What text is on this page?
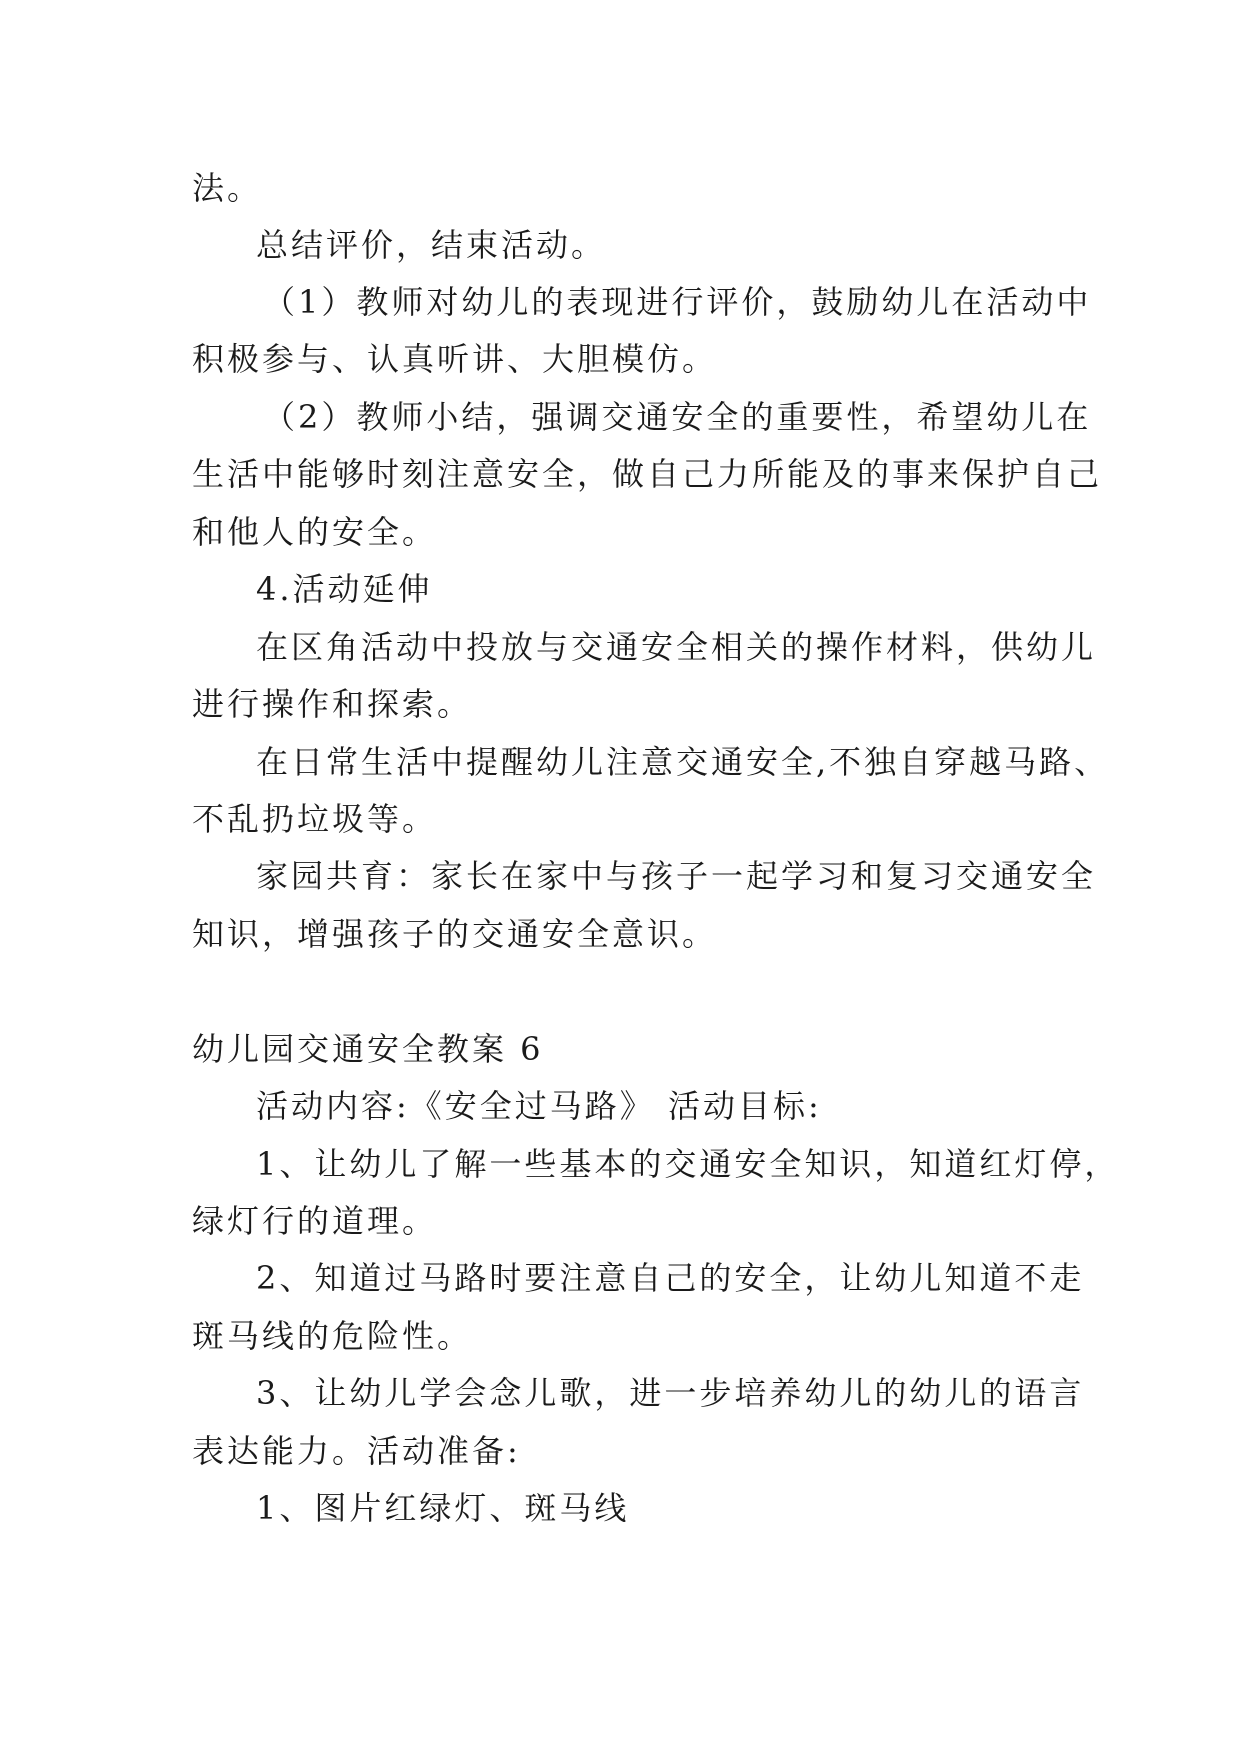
法。
总结评价，结束活动。
（1）教师对幼儿的表现进行评价，鼓励幼儿在活动中
积极参与、认真听讲、大胆模仿。
（2）教师小结，强调交通安全的重要性，希望幼儿在
生活中能够时刻注意安全，做自己力所能及的事来保护自己
和他人的安全。
4.活动延伸
在区角活动中投放与交通安全相关的操作材料，供幼儿
进行操作和探索。
在日常生活中提醒幼儿注意交通安全,不独自穿越马路、
不乱扔垃圾等。
家园共育：家长在家中与孩子一起学习和复习交通安全
知识，增强孩子的交通安全意识。
幼儿园交通安全教案 6
活动内容:《安全过马路》 活动目标:
1、让幼儿了解一些基本的交通安全知识，知道红灯停，
绿灯行的道理。
2、知道过马路时要注意自己的安全，让幼儿知道不走
斑马线的危险性。
3、让幼儿学会念儿歌，进一步培养幼儿的幼儿的语言
表达能力。活动准备:
1、图片红绿灯、斑马线
